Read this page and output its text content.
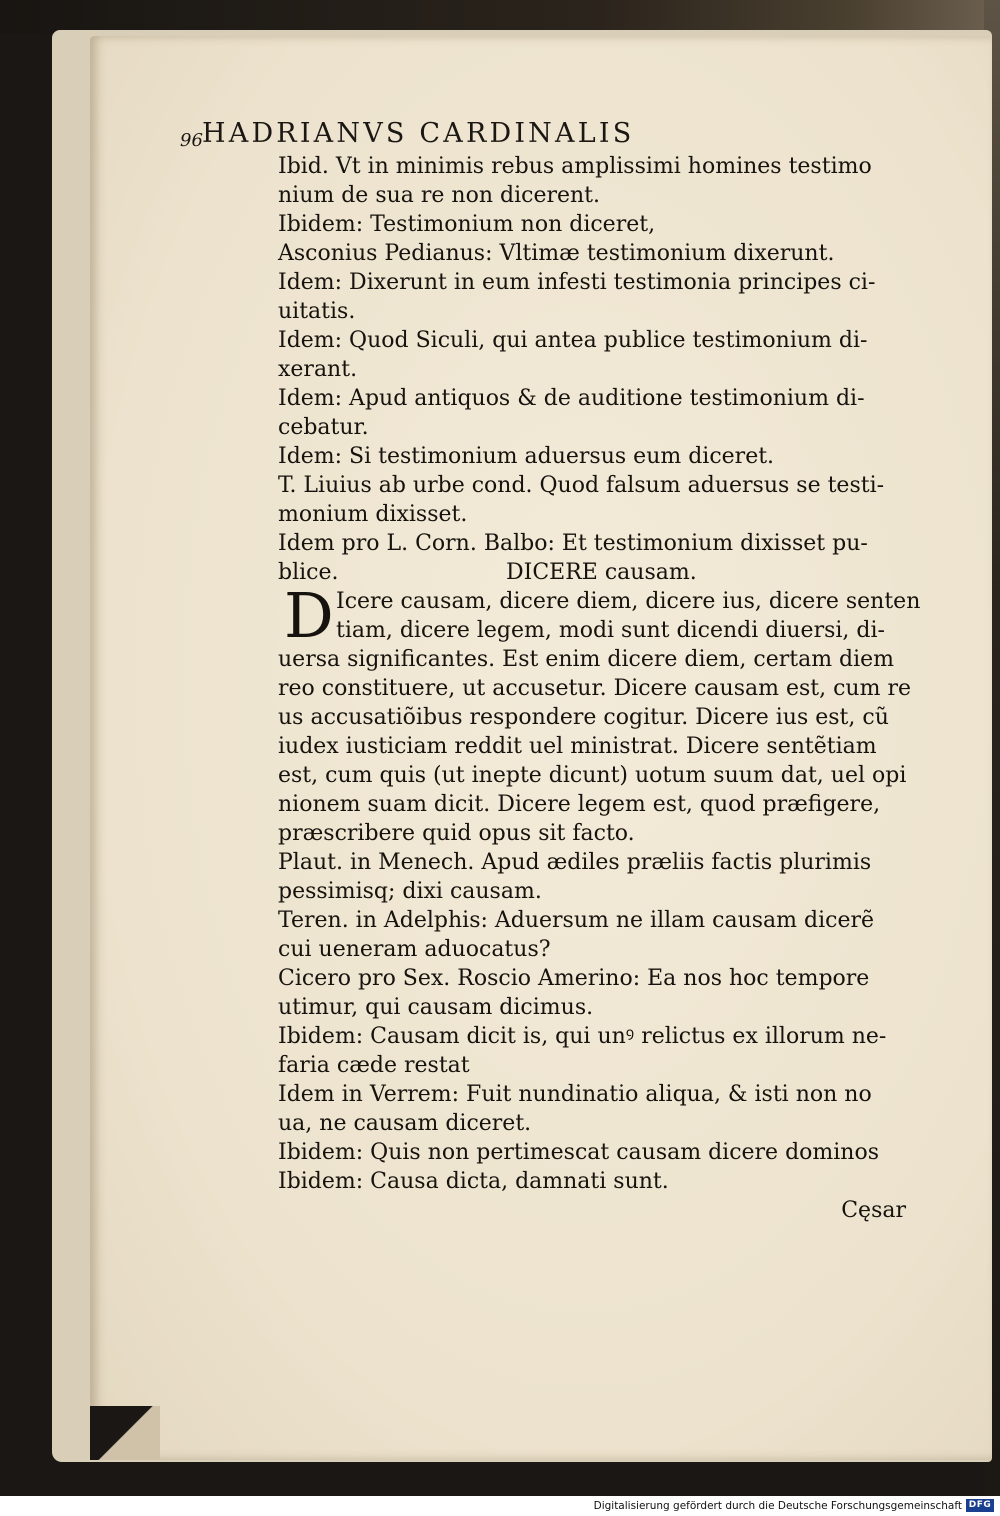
96 HADRIANVS CARDINALIS
Ibid. Vt in minimis rebus amplissimi homines testimo
nium de sua re non dicerent.
Ibidem: Testimonium non diceret,
Asconius Pedianus: Vltimæ testimonium dixerunt.
Idem: Dixerunt in eum infesti testimonia principes ci-
uitatis.
Idem: Quod Siculi, qui antea publice testimonium di-
xerant.
Idem: Apud antiquos & de auditione testimonium di-
cebatur.
Idem: Si testimonium aduersus eum diceret.
T. Liuius ab urbe cond. Quod falsum aduersus se testi-
monium dixisset.
Idem pro L. Corn. Balbo: Et testimonium dixisset pu-
blice.	DICERE causam.
D Icere causam, dicere diem, dicere ius, dicere senten
tiam, dicere legem, modi sunt dicendi diuersi, di-
uersa significantes. Est enim dicere diem, certam diem
reo constituere, ut accusetur. Dicere causam est, cum re
us accusatiõibus respondere cogitur. Dicere ius est, cũ
iudex iusticiam reddit uel ministrat. Dicere sentẽtiam
est, cum quis (ut inepte dicunt) uotum suum dat, uel opi
nionem suam dicit. Dicere legem est, quod præfigere,
præscribere quid opus sit facto.
Plaut. in Menech. Apud ædiles præliis factis plurimis
pessimisq; dixi causam.
Teren. in Adelphis: Aduersum ne illam causam dicerẽ
cui ueneram aduocatus?
Cicero pro Sex. Roscio Amerino: Ea nos hoc tempore
utimur, qui causam dicimus.
Ibidem: Causam dicit is, qui unꝰ relictus ex illorum ne-
faria cæde restat
Idem in Verrem: Fuit nundinatio aliqua, & isti non no
ua, ne causam diceret.
Ibidem: Quis non pertimescat causam dicere dominos
Ibidem: Causa dicta, damnati sunt.
Cęsar
Digitalisierung gefördert durch die Deutsche Forschungsgemeinschaft DFG
